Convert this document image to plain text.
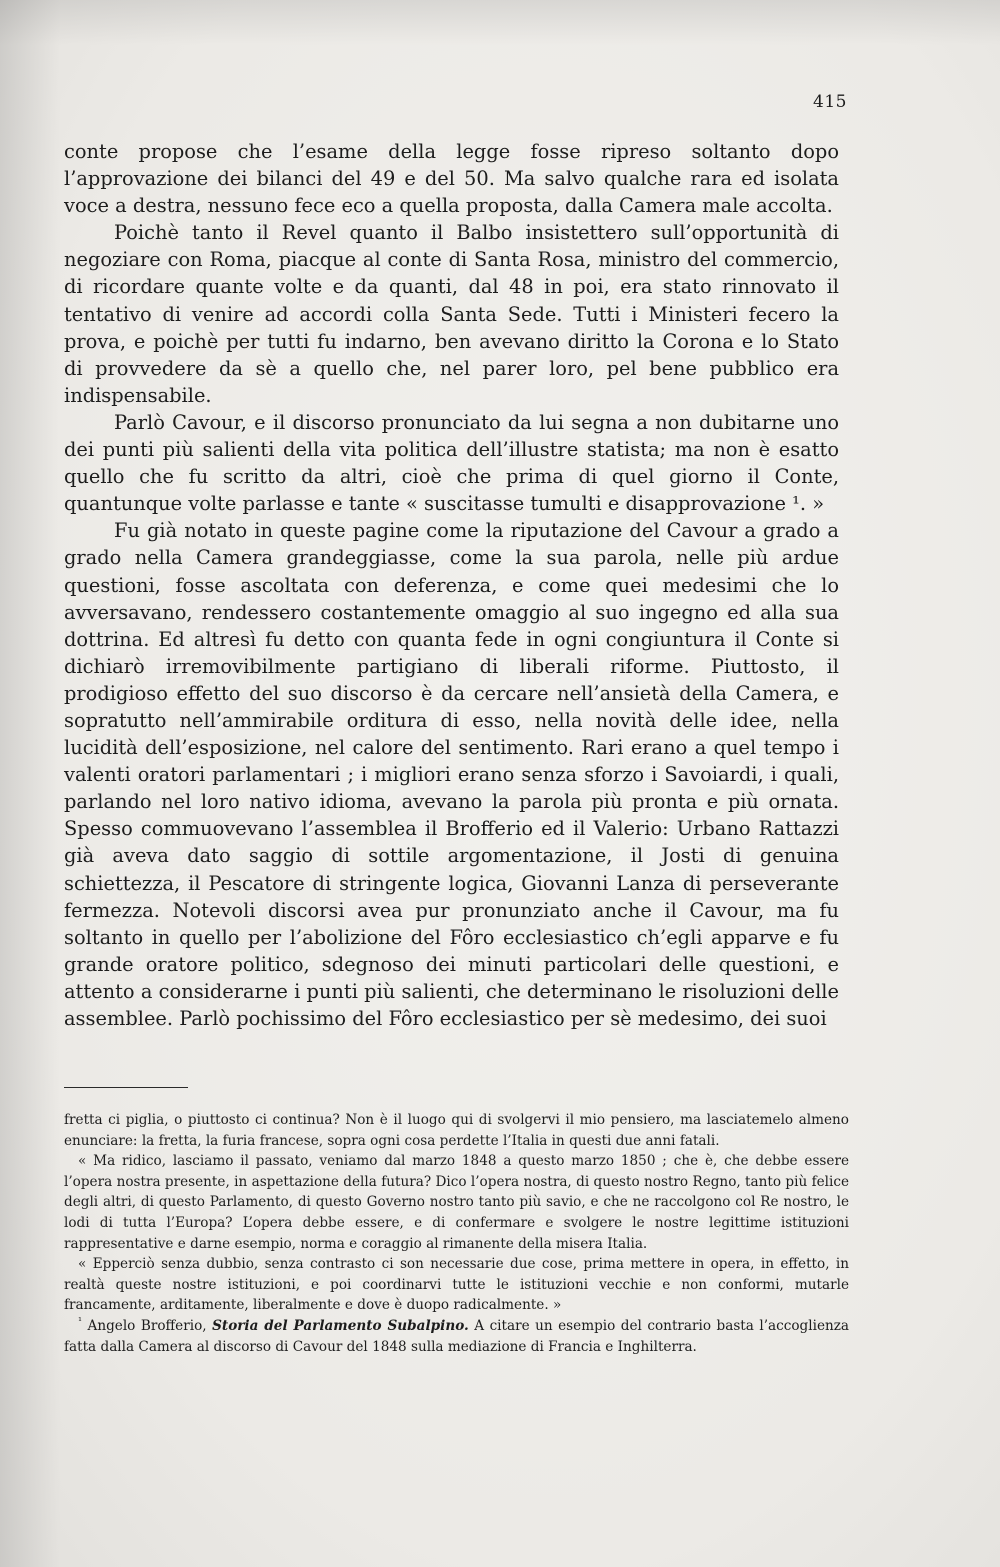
415

conte propose che l’esame della legge fosse ripreso soltanto dopo l’approvazione dei bilanci del 49 e del 50. Ma salvo qualche rara ed isolata voce a destra, nessuno fece eco a quella proposta, dalla Camera male accolta.

Poichè tanto il Revel quanto il Balbo insistettero sull’opportunità di negoziare con Roma, piacque al conte di Santa Rosa, ministro del commercio, di ricordare quante volte e da quanti, dal 48 in poi, era stato rinnovato il tentativo di venire ad accordi colla Santa Sede. Tutti i Ministeri fecero la prova, e poichè per tutti fu indarno, ben avevano diritto la Corona e lo Stato di provvedere da sè a quello che, nel parer loro, pel bene pubblico era indispensabile.

Parlò Cavour, e il discorso pronunciato da lui segna a non dubitarne uno dei punti più salienti della vita politica dell’illustre statista; ma non è esatto quello che fu scritto da altri, cioè che prima di quel giorno il Conte, quantunque volte parlasse e tante « suscitasse tumulti e disapprovazione ¹. »

Fu già notato in queste pagine come la riputazione del Cavour a grado a grado nella Camera grandeggiasse, come la sua parola, nelle più ardue questioni, fosse ascoltata con deferenza, e come quei medesimi che lo avversavano, rendessero costantemente omaggio al suo ingegno ed alla sua dottrina. Ed altresì fu detto con quanta fede in ogni congiuntura il Conte si dichiarò irremovibilmente partigiano di liberali riforme. Piuttosto, il prodigioso effetto del suo discorso è da cercare nell’ansietà della Camera, e sopratutto nell’ammirabile orditura di esso, nella novità delle idee, nella lucidità dell’esposizione, nel calore del sentimento. Rari erano a quel tempo i valenti oratori parlamentari ; i migliori erano senza sforzo i Savoiardi, i quali, parlando nel loro nativo idioma, avevano la parola più pronta e più ornata. Spesso commuovevano l’assemblea il Brofferio ed il Valerio: Urbano Rattazzi già aveva dato saggio di sottile argomentazione, il Josti di genuina schiettezza, il Pescatore di stringente logica, Giovanni Lanza di perseverante fermezza. Notevoli discorsi avea pur pronunziato anche il Cavour, ma fu soltanto in quello per l’abolizione del Fôro ecclesiastico ch’egli apparve e fu grande oratore politico, sdegnoso dei minuti particolari delle questioni, e attento a considerarne i punti più salienti, che determinano le risoluzioni delle assemblee. Parlò pochissimo del Fôro ecclesiastico per sè medesimo, dei suoi

fretta ci piglia, o piuttosto ci continua? Non è il luogo qui di svolgervi il mio pensiero, ma lasciatemelo almeno enunciare: la fretta, la furia francese, sopra ogni cosa perdette l’Italia in questi due anni fatali.

« Ma ridico, lasciamo il passato, veniamo dal marzo 1848 a questo marzo 1850 ; che è, che debbe essere l’opera nostra presente, in aspettazione della futura? Dico l’opera nostra, di questo nostro Regno, tanto più felice degli altri, di questo Parlamento, di questo Governo nostro tanto più savio, e che ne raccolgono col Re nostro, le lodi di tutta l’Europa? L’opera debbe essere, e di confermare e svolgere le nostre legittime istituzioni rappresentative e darne esempio, norma e coraggio al rimanente della misera Italia.

« Epperciò senza dubbio, senza contrasto ci son necessarie due cose, prima mettere in opera, in effetto, in realtà queste nostre istituzioni, e poi coordinarvi tutte le istituzioni vecchie e non conformi, mutarle francamente, arditamente, liberalmente e dove è duopo radicalmente. »

$^{^1}$ Angelo Brofferio, Storia del Parlamento Subalpino. A citare un esempio del contrario basta l’accoglienza fatta dalla Camera al discorso di Cavour del 1848 sulla mediazione di Francia e Inghilterra.
